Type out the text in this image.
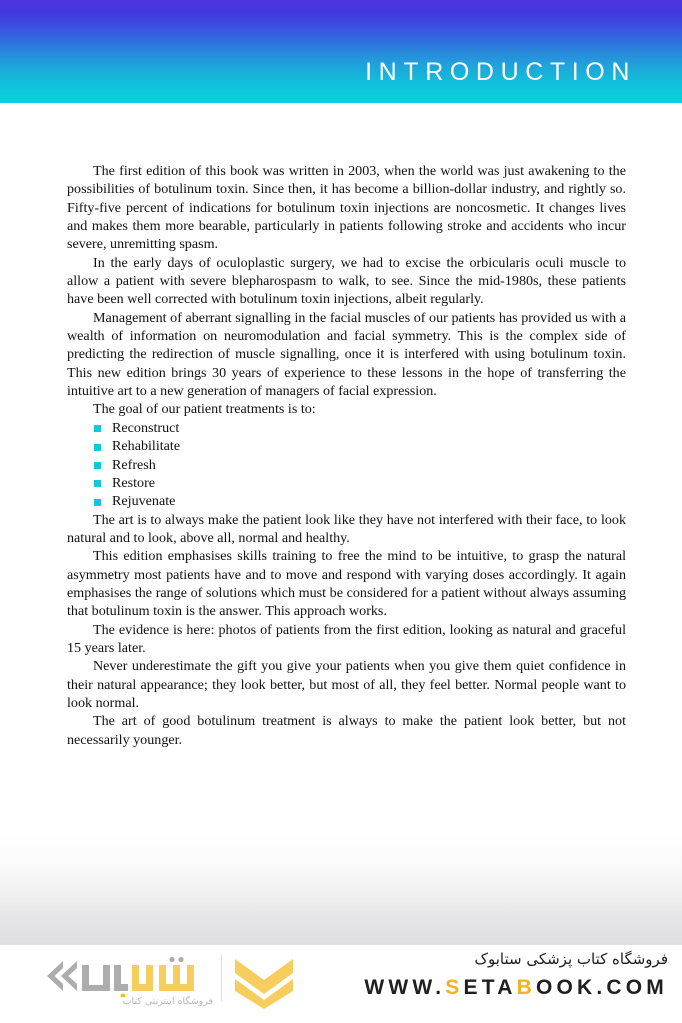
INTRODUCTION

The first edition of this book was written in 2003, when the world was just awakening to the possibilities of botulinum toxin. Since then, it has become a billion-dollar industry, and rightly so. Fifty-five percent of indications for botulinum toxin injections are noncosmetic. It changes lives and makes them more bearable, particularly in patients following stroke and accidents who incur severe, unremitting spasm.

In the early days of oculoplastic surgery, we had to excise the orbicularis oculi muscle to allow a patient with severe blepharospasm to walk, to see. Since the mid-1980s, these patients have been well corrected with botulinum toxin injections, albeit regularly.

Management of aberrant signalling in the facial muscles of our patients has provided us with a wealth of information on neuromodulation and facial symmetry. This is the complex side of predicting the redirection of muscle signalling, once it is interfered with using botulinum toxin. This new edition brings 30 years of experience to these lessons in the hope of transferring the intuitive art to a new generation of managers of facial expression.

The goal of our patient treatments is to:

Reconstruct
Rehabilitate
Refresh
Restore
Rejuvenate

The art is to always make the patient look like they have not interfered with their face, to look natural and to look, above all, normal and healthy.

This edition emphasises skills training to free the mind to be intuitive, to grasp the natural asymmetry most patients have and to move and respond with varying doses accordingly. It again emphasises the range of solutions which must be considered for a patient without always assuming that botulinum toxin is the answer. This approach works.

The evidence is here: photos of patients from the first edition, looking as natural and graceful 15 years later.

Never underestimate the gift you give your patients when you give them quiet confidence in their natural appearance; they look better, but most of all, they feel better. Normal people want to look normal.

The art of good botulinum treatment is always to make the patient look better, but not necessarily younger.

فروشگاه اینترنتی کتاب
فروشگاه کتاب پزشکی ستابوک
WWW.SETABOOK.COM
